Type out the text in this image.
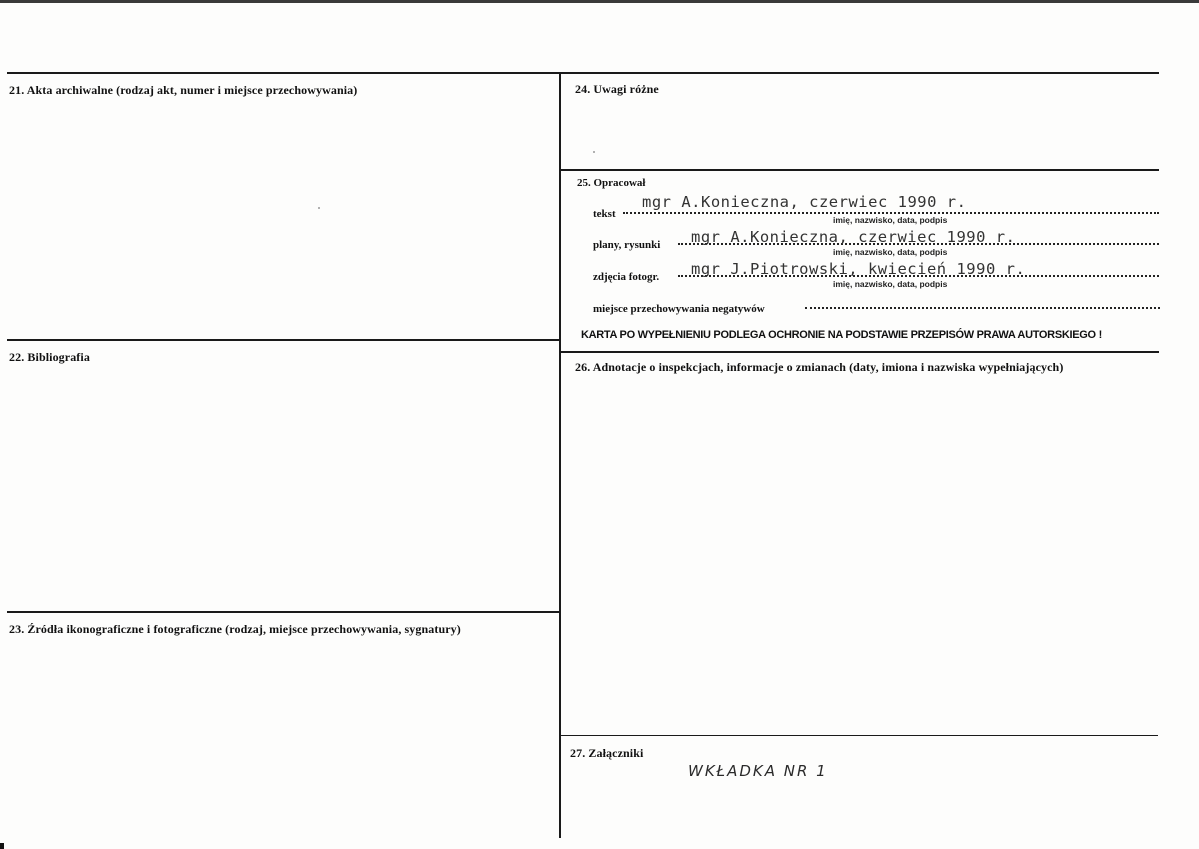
21. Akta archiwalne (rodzaj akt, numer i miejsce przechowywania)
22. Bibliografia
23. Źródła ikonograficzne i fotograficzne (rodzaj, miejsce przechowywania, sygnatury)
24. Uwagi różne
25. Opracował
tekst
mgr A.Konieczna, czerwiec 1990 r.
imię, nazwisko, data, podpis
plany, rysunki mgr A.Konieczna, czerwiec 1990 r.
imię, nazwisko, data, podpis
zdjęcia fotogr. mgr J.Piotrowski, kwiecień 1990 r.
imię, nazwisko, data, podpis
miejsce przechowywania negatywów
KARTA PO WYPEŁNIENIU PODLEGA OCHRONIE NA PODSTAWIE PRZEPISÓW PRAWA AUTORSKIEGO !
26. Adnotacje o inspekcjach, informacje o zmianach (daty, imiona i nazwiska wypełniających)
27. Załączniki
WKŁADKA NR 1
